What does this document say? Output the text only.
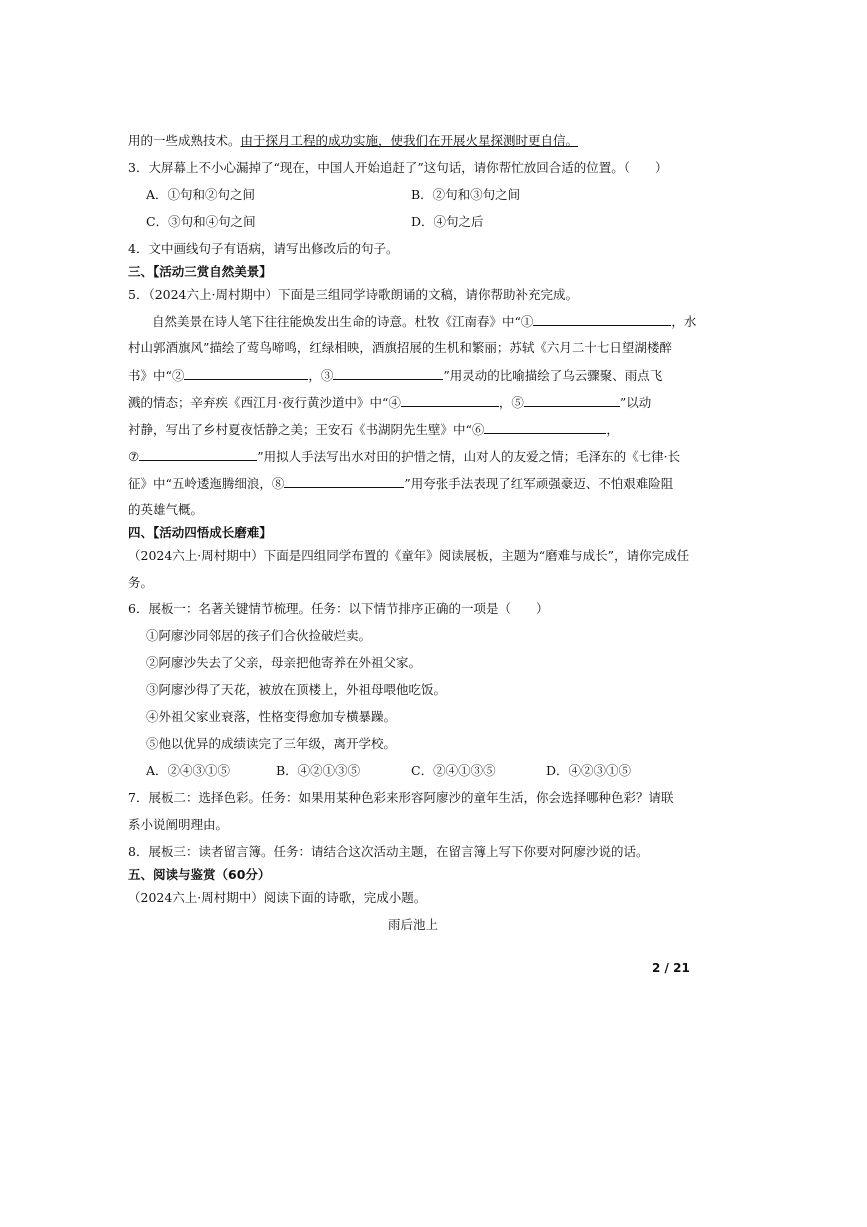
用的一些成熟技术。由于探月工程的成功实施，使我们在开展火星探测时更自信。
3．大屏幕上不小心漏掉了“现在，中国人开始追赶了”这句话，请你帮忙放回合适的位置。（　　）
A．①句和②句之间	B．②句和③句之间
C．③句和④句之间	D．④句之后
4．文中画线句子有语病，请写出修改后的句子。
三、【活动三赏自然美景】
5．（2024六上·周村期中）下面是三组同学诗歌朗诵的文稿，请你帮助补充完成。
自然美景在诗人笔下往往能焕发出生命的诗意。杜牧《江南春》中“①	，水
村山郭酒旗风”描绘了莺鸟啼鸣，红绿相映，酒旗招展的生机和繁丽；苏轼《六月二十七日望湖楼醉
书》中“②	，③	”用灵动的比喻描绘了乌云骤聚、雨点飞
溅的情态；辛弃疾《西江月·夜行黄沙道中》中“④	，⑤	”以动
衬静，写出了乡村夏夜恬静之美；王安石《书湖阴先生壁》中“⑥	，
⑦	”用拟人手法写出水对田的护惜之情，山对人的友爱之情；毛泽东的《七律·长
征》中“五岭逶迤腾细浪，⑧	”用夸张手法表现了红军顽强豪迈、不怕艰难险阻
的英雄气概。
四、【活动四悟成长磨难】
（2024六上·周村期中）下面是四组同学布置的《童年》阅读展板，主题为“磨难与成长”，请你完成任
务。
6．展板一：名著关键情节梳理。任务：以下情节排序正确的一项是（　　）
①阿廖沙同邻居的孩子们合伙捡破烂卖。
②阿廖沙失去了父亲，母亲把他寄养在外祖父家。
③阿廖沙得了天花，被放在顶楼上，外祖母喂他吃饭。
④外祖父家业衰落，性格变得愈加专横暴躁。
⑤他以优异的成绩读完了三年级，离开学校。
A．②④③①⑤	B．④②①③⑤	C．②④①③⑤	D．④②③①⑤
7．展板二：选择色彩。任务：如果用某种色彩来形容阿廖沙的童年生活，你会选择哪种色彩？请联
系小说阐明理由。
8．展板三：读者留言簿。任务：请结合这次活动主题，在留言簿上写下你要对阿廖沙说的话。
五、阅读与鉴赏（60分）
（2024六上·周村期中）阅读下面的诗歌，完成小题。
雨后池上
2 / 21
